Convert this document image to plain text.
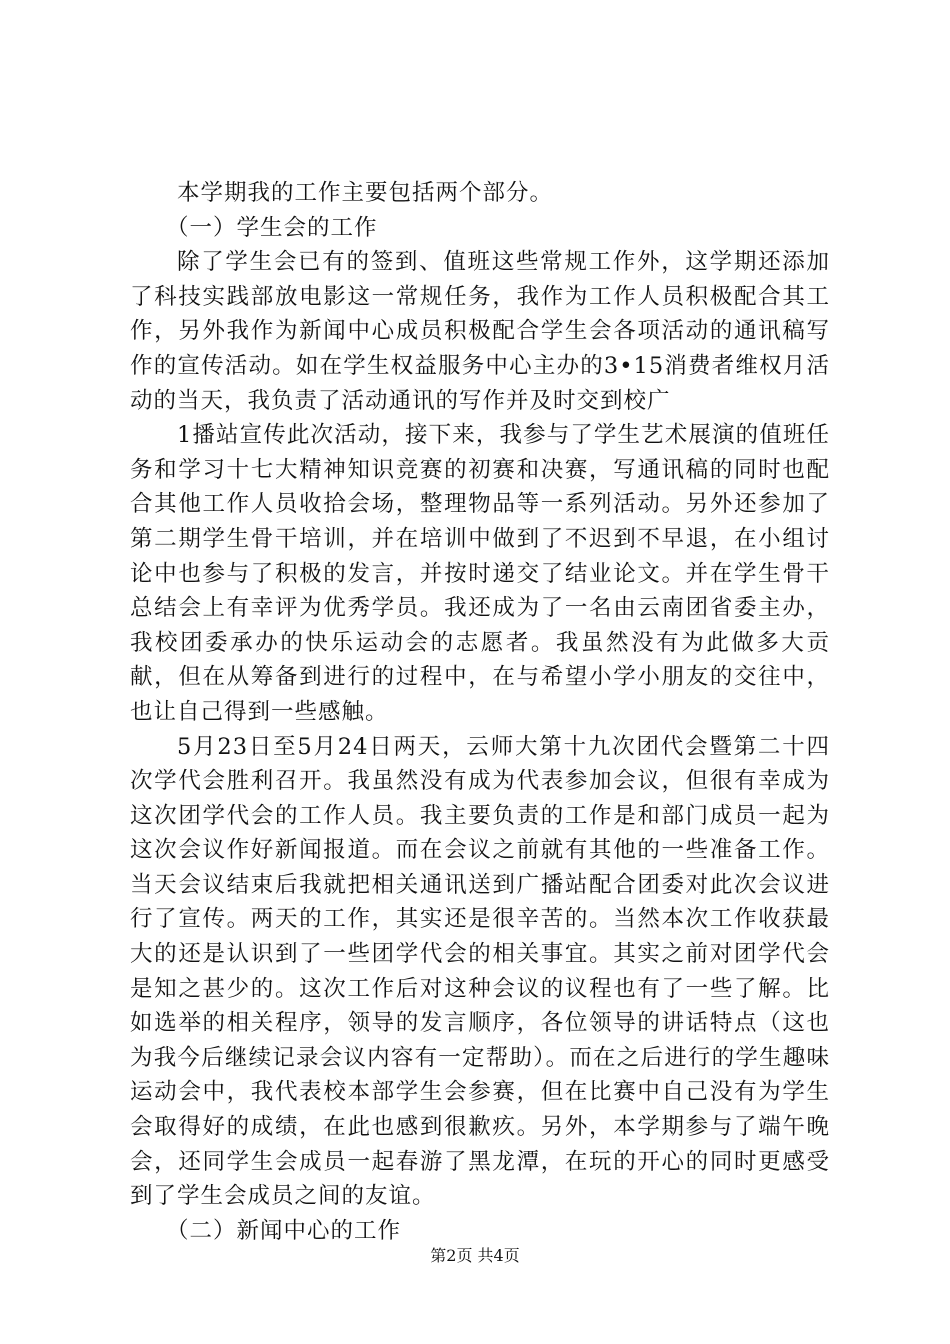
本学期我的工作主要包括两个部分。

（一）学生会的工作

除了学生会已有的签到、值班这些常规工作外，这学期还添加了科技实践部放电影这一常规任务，我作为工作人员积极配合其工作，另外我作为新闻中心成员积极配合学生会各项活动的通讯稿写作的宣传活动。如在学生权益服务中心主办的3•15消费者维权月活动的当天，我负责了活动通讯的写作并及时交到校广

1播站宣传此次活动，接下来，我参与了学生艺术展演的值班任务和学习十七大精神知识竞赛的初赛和决赛，写通讯稿的同时也配合其他工作人员收拾会场，整理物品等一系列活动。另外还参加了第二期学生骨干培训，并在培训中做到了不迟到不早退，在小组讨论中也参与了积极的发言，并按时递交了结业论文。并在学生骨干总结会上有幸评为优秀学员。我还成为了一名由云南团省委主办，我校团委承办的快乐运动会的志愿者。我虽然没有为此做多大贡献，但在从筹备到进行的过程中，在与希望小学小朋友的交往中，也让自己得到一些感触。

5月23日至5月24日两天，云师大第十九次团代会暨第二十四次学代会胜利召开。我虽然没有成为代表参加会议，但很有幸成为这次团学代会的工作人员。我主要负责的工作是和部门成员一起为这次会议作好新闻报道。而在会议之前就有其他的一些准备工作。当天会议结束后我就把相关通讯送到广播站配合团委对此次会议进行了宣传。两天的工作，其实还是很辛苦的。当然本次工作收获最大的还是认识到了一些团学代会的相关事宜。其实之前对团学代会是知之甚少的。这次工作后对这种会议的议程也有了一些了解。比如选举的相关程序，领导的发言顺序，各位领导的讲话特点（这也为我今后继续记录会议内容有一定帮助）。而在之后进行的学生趣味运动会中，我代表校本部学生会参赛，但在比赛中自己没有为学生会取得好的成绩，在此也感到很歉疚。另外，本学期参与了端午晚会，还同学生会成员一起春游了黑龙潭，在玩的开心的同时更感受到了学生会成员之间的友谊。

（二）新闻中心的工作

第2页 共4页
